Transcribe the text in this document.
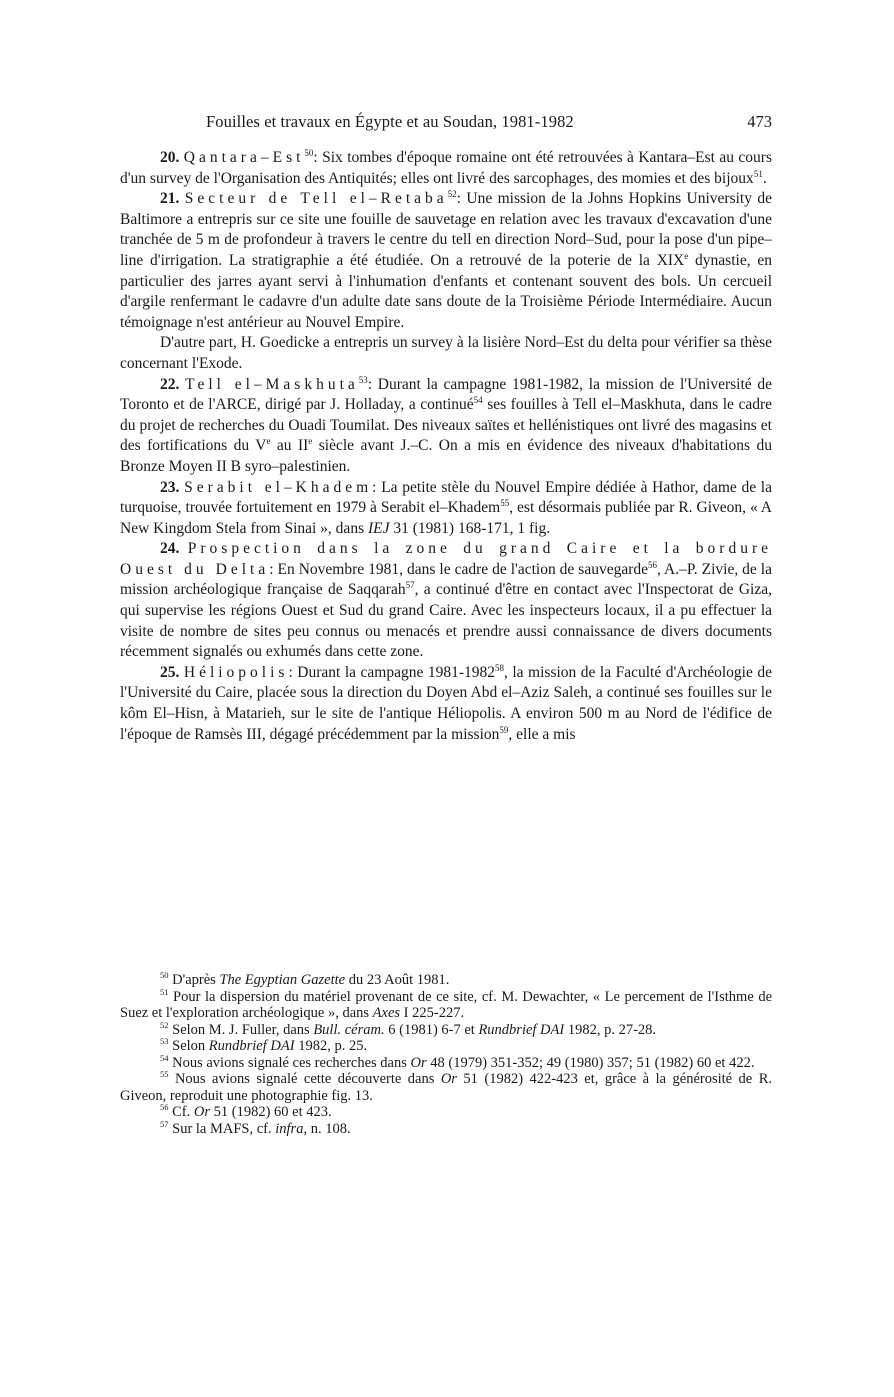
Fouilles et travaux en Égypte et au Soudan, 1981-1982	473

20. Qantara–Est$^{50}$: Six tombes d'époque romaine ont été retrouvées à Kantara–Est au cours d'un survey de l'Organisation des Antiquités; elles ont livré des sarcophages, des momies et des bijoux$^{51}$.

21. Secteur de Tell el–Retaba$^{52}$: Une mission de la Johns Hopkins University de Baltimore a entrepris sur ce site une fouille de sauvetage en relation avec les travaux d'excavation d'une tranchée de 5 m de profondeur à travers le centre du tell en direction Nord–Sud, pour la pose d'un pipe–line d'irrigation. La stratigraphie a été étudiée. On a retrouvé de la poterie de la XIXe dynastie, en particulier des jarres ayant servi à l'inhumation d'enfants et contenant souvent des bols. Un cercueil d'argile renfermant le cadavre d'un adulte date sans doute de la Troisième Période Intermédiaire. Aucun témoignage n'est antérieur au Nouvel Empire.

D'autre part, H. Goedicke a entrepris un survey à la lisière Nord–Est du delta pour vérifier sa thèse concernant l'Exode.

22. Tell el–Maskhuta$^{53}$: Durant la campagne 1981-1982, la mission de l'Université de Toronto et de l'ARCE, dirigé par J. Holladay, a continué$^{54}$ ses fouilles à Tell el–Maskhuta, dans le cadre du projet de recherches du Ouadi Toumilat. Des niveaux saïtes et hellénistiques ont livré des magasins et des fortifications du Ve au IIe siècle avant J.–C. On a mis en évidence des niveaux d'habitations du Bronze Moyen II B syro–palestinien.

23. Serabit el–Khadem: La petite stèle du Nouvel Empire dédiée à Hathor, dame de la turquoise, trouvée fortuitement en 1979 à Serabit el–Khadem$^{55}$, est désormais publiée par R. Giveon, « A New Kingdom Stela from Sinai », dans IEJ 31 (1981) 168-171, 1 fig.

24. Prospection dans la zone du grand Caire et la bordure Ouest du Delta: En Novembre 1981, dans le cadre de l'action de sauvegarde$^{56}$, A.–P. Zivie, de la mission archéologique française de Saqqarah$^{57}$, a continué d'être en contact avec l'Inspectorat de Giza, qui supervise les régions Ouest et Sud du grand Caire. Avec les inspecteurs locaux, il a pu effectuer la visite de nombre de sites peu connus ou menacés et prendre aussi connaissance de divers documents récemment signalés ou exhumés dans cette zone.

25. Héliopolis: Durant la campagne 1981-1982$^{58}$, la mission de la Faculté d'Archéologie de l'Université du Caire, placée sous la direction du Doyen Abd el–Aziz Saleh, a continué ses fouilles sur le kôm El–Hisn, à Matarieh, sur le site de l'antique Héliopolis. A environ 500 m au Nord de l'édifice de l'époque de Ramsès III, dégagé précédemment par la mission$^{59}$, elle a mis

$^{50}$ D'après The Egyptian Gazette du 23 Août 1981.

$^{51}$ Pour la dispersion du matériel provenant de ce site, cf. M. Dewachter, « Le percement de l'Isthme de Suez et l'exploration archéologique », dans Axes I 225-227.

$^{52}$ Selon M. J. Fuller, dans Bull. céram. 6 (1981) 6-7 et Rundbrief DAI 1982, p. 27-28.

$^{53}$ Selon Rundbrief DAI 1982, p. 25.

$^{54}$ Nous avions signalé ces recherches dans Or 48 (1979) 351-352; 49 (1980) 357; 51 (1982) 60 et 422.

$^{55}$ Nous avions signalé cette découverte dans Or 51 (1982) 422-423 et, grâce à la générosité de R. Giveon, reproduit une photographie fig. 13.

$^{56}$ Cf. Or 51 (1982) 60 et 423.

$^{57}$ Sur la MAFS, cf. infra, n. 108.
